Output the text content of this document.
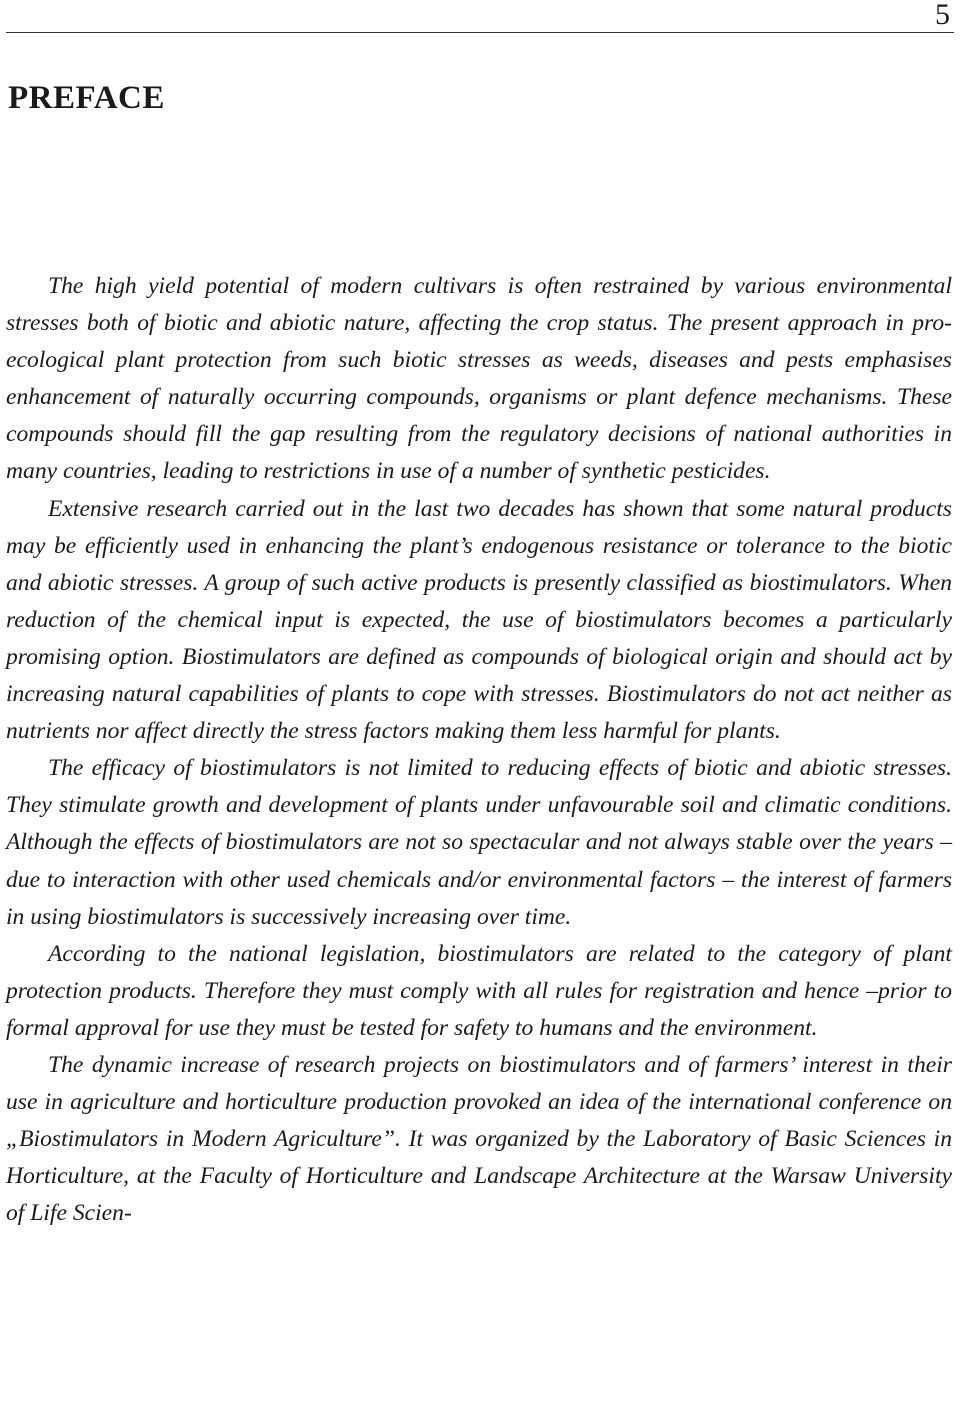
5
PREFACE

The high yield potential of modern cultivars is often restrained by various environmental stresses both of biotic and abiotic nature, affecting the crop status. The present approach in pro-ecological plant protection from such biotic stresses as weeds, diseases and pests emphasises enhancement of naturally occurring compounds, organisms or plant defence mechanisms. These compounds should fill the gap resulting from the regulatory decisions of national authorities in many countries, leading to restrictions in use of a number of synthetic pesticides.

Extensive research carried out in the last two decades has shown that some natural products may be efficiently used in enhancing the plant’s endogenous resistance or tolerance to the biotic and abiotic stresses. A group of such active products is presently classified as biostimulators. When reduction of the chemical input is expected, the use of biostimulators becomes a particularly promising option. Biostimulators are defined as compounds of biological origin and should act by increasing natural capabilities of plants to cope with stresses. Biostimulators do not act neither as nutrients nor affect directly the stress factors making them less harmful for plants.

The efficacy of biostimulators is not limited to reducing effects of biotic and abiotic stresses. They stimulate growth and development of plants under unfavourable soil and climatic conditions. Although the effects of biostimulators are not so spectacular and not always stable over the years – due to interaction with other used chemicals and/or environmental factors – the interest of farmers in using biostimulators is successively increasing over time.

According to the national legislation, biostimulators are related to the category of plant protection products. Therefore they must comply with all rules for registration and hence –prior to formal approval for use they must be tested for safety to humans and the environment.

The dynamic increase of research projects on biostimulators and of farmers’ interest in their use in agriculture and horticulture production provoked an idea of the international conference on „Biostimulators in Modern Agriculture”. It was organized by the Laboratory of Basic Sciences in Horticulture, at the Faculty of Horticulture and Landscape Architecture at the Warsaw University of Life Scien-
